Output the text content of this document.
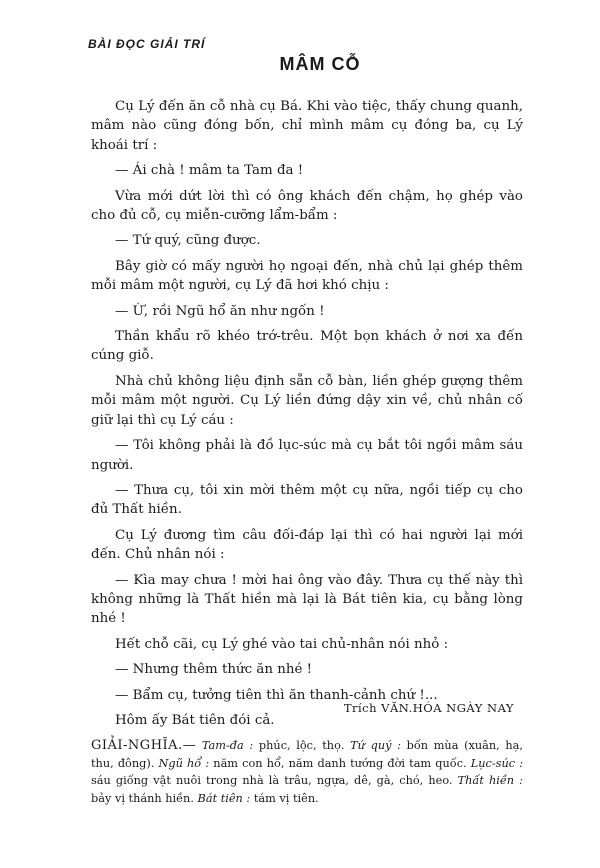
BÀI ĐỌC GIẢI TRÍ
MÂM CỖ

Cụ Lý đến ăn cỗ nhà cụ Bá. Khi vào tiệc, thấy chung quanh, mâm nào cũng đóng bốn, chỉ mình mâm cụ đóng ba, cụ Lý khoái trí :

— Ái chà ! mâm ta Tam đa !

Vừa mới dứt lời thì có ông khách đến chậm, họ ghép vào cho đủ cỗ, cụ miễn-cưỡng lẩm-bẩm :

— Tứ quý, cũng được.

Bây giờ có mấy người họ ngoại đến, nhà chủ lại ghép thêm mỗi mâm một người, cụ Lý đã hơi khó chịu :

— Ừ, rồi Ngũ hổ ăn như ngốn !

Thần khẩu rõ khéo trớ-trêu. Một bọn khách ở nơi xa đến cúng giỗ.

Nhà chủ không liệu định sẵn cỗ bàn, liền ghép gượng thêm mỗi mâm một người. Cụ Lý liền đứng dậy xin về, chủ nhân cố giữ lại thì cụ Lý cáu :

— Tôi không phải là đồ lục-súc mà cụ bắt tôi ngồi mâm sáu người.

— Thưa cụ, tôi xin mời thêm một cụ nữa, ngồi tiếp cụ cho đủ Thất hiền.

Cụ Lý đương tìm câu đối-đáp lại thì có hai người lại mới đến. Chủ nhân nói :

— Kìa may chưa ! mời hai ông vào đây. Thưa cụ thế này thì không những là Thất hiền mà lại là Bát tiên kia, cụ bằng lòng nhé !

Hết chỗ cãi, cụ Lý ghé vào tai chủ-nhân nói nhỏ :

— Nhưng thêm thức ăn nhé !

— Bẩm cụ, tưởng tiên thì ăn thanh-cảnh chứ !...

Hôm ấy Bát tiên đói cả.

Trích VĂN.HÓA NGÀY NAY
GIẢI-NGHĨA.— Tam-đa : phúc, lộc, thọ. Tứ quý : bốn mùa (xuân, hạ, thu, đông). Ngũ hổ : năm con hổ, năm danh tướng đời tam quốc. Lục-súc : sáu giống vật nuôi trong nhà là trâu, ngựa, dê, gà, chó, heo. Thất hiền : bảy vị thánh hiền. Bát tiên : tám vị tiên.
